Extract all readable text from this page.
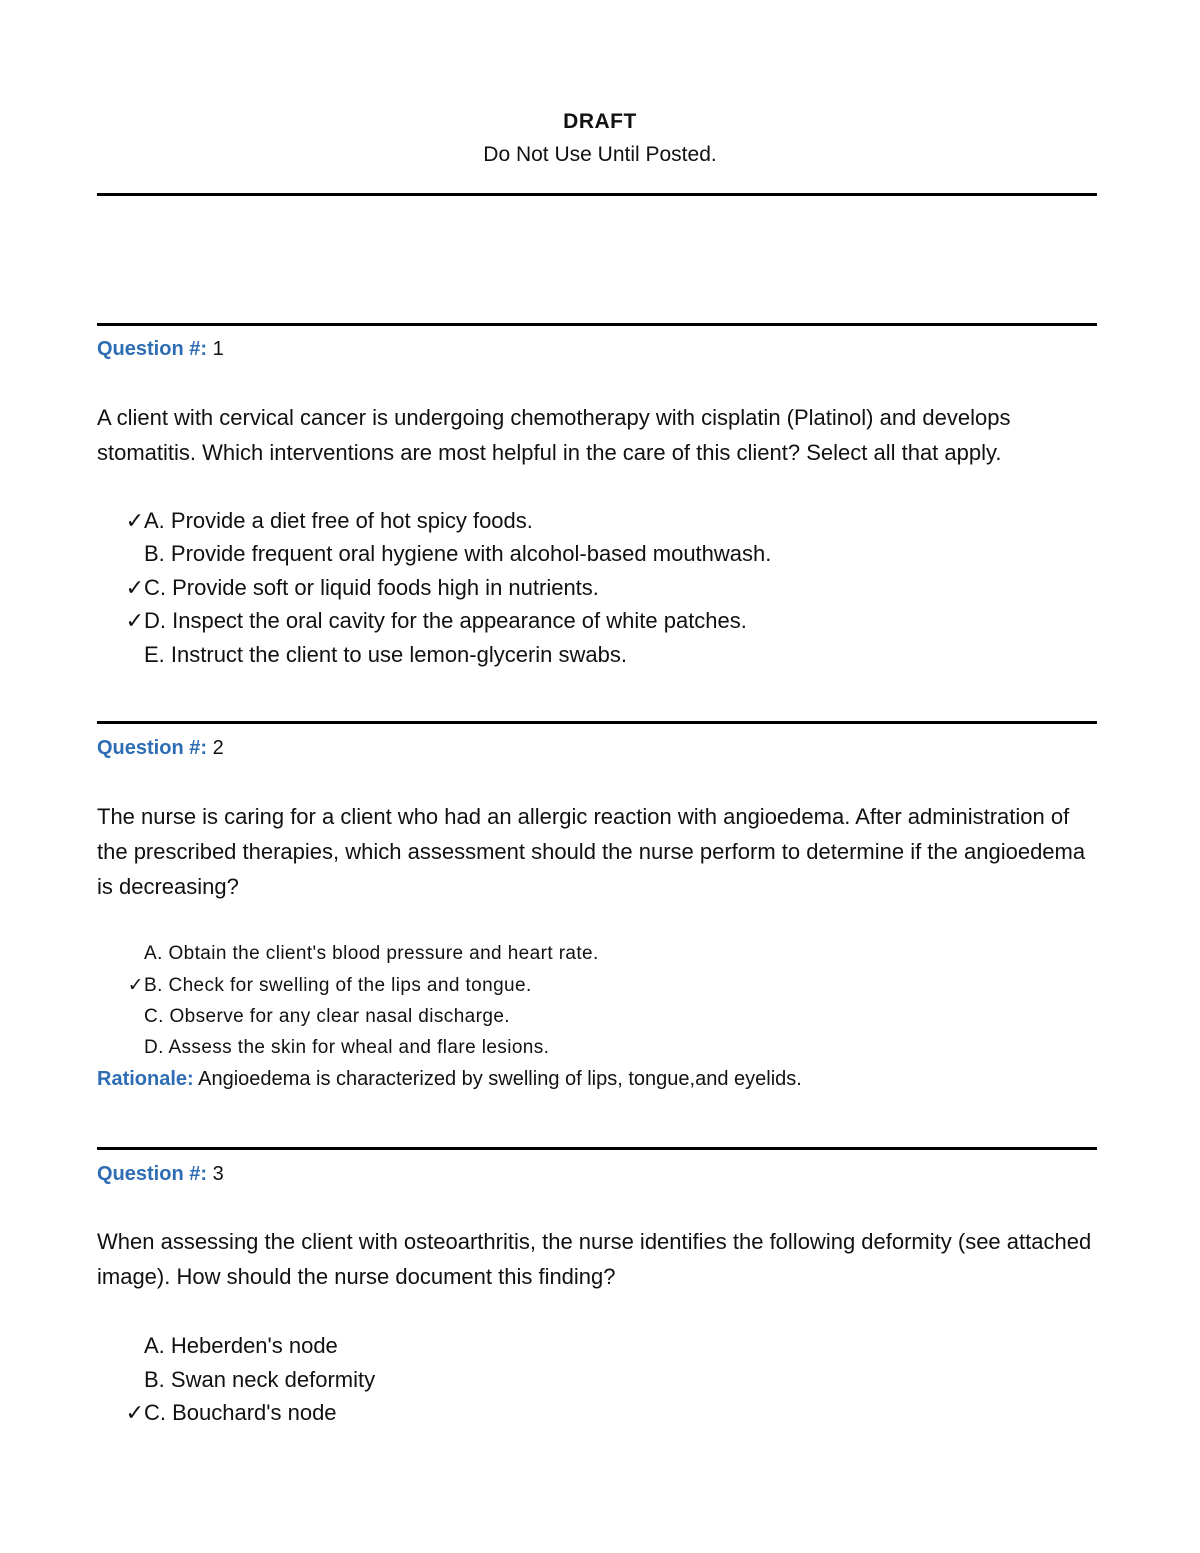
DRAFT
Do Not Use Until Posted.
Question #: 1
A client with cervical cancer is undergoing chemotherapy with cisplatin (Platinol) and develops stomatitis. Which interventions are most helpful in the care of this client? Select all that apply.
✓A. Provide a diet free of hot spicy foods.
B. Provide frequent oral hygiene with alcohol-based mouthwash.
✓C. Provide soft or liquid foods high in nutrients.
✓D. Inspect the oral cavity for the appearance of white patches.
E. Instruct the client to use lemon-glycerin swabs.
Question #: 2
The nurse is caring for a client who had an allergic reaction with angioedema. After administration of the prescribed therapies, which assessment should the nurse perform to determine if the angioedema is decreasing?
A. Obtain the client's blood pressure and heart rate.
✓B. Check for swelling of the lips and tongue.
C. Observe for any clear nasal discharge.
D. Assess the skin for wheal and flare lesions.
Rationale: Angioedema is characterized by swelling of lips, tongue,and eyelids.
Question #: 3
When assessing the client with osteoarthritis, the nurse identifies the following deformity (see attached image). How should the nurse document this finding?
A. Heberden's node
B. Swan neck deformity
✓C. Bouchard's node
